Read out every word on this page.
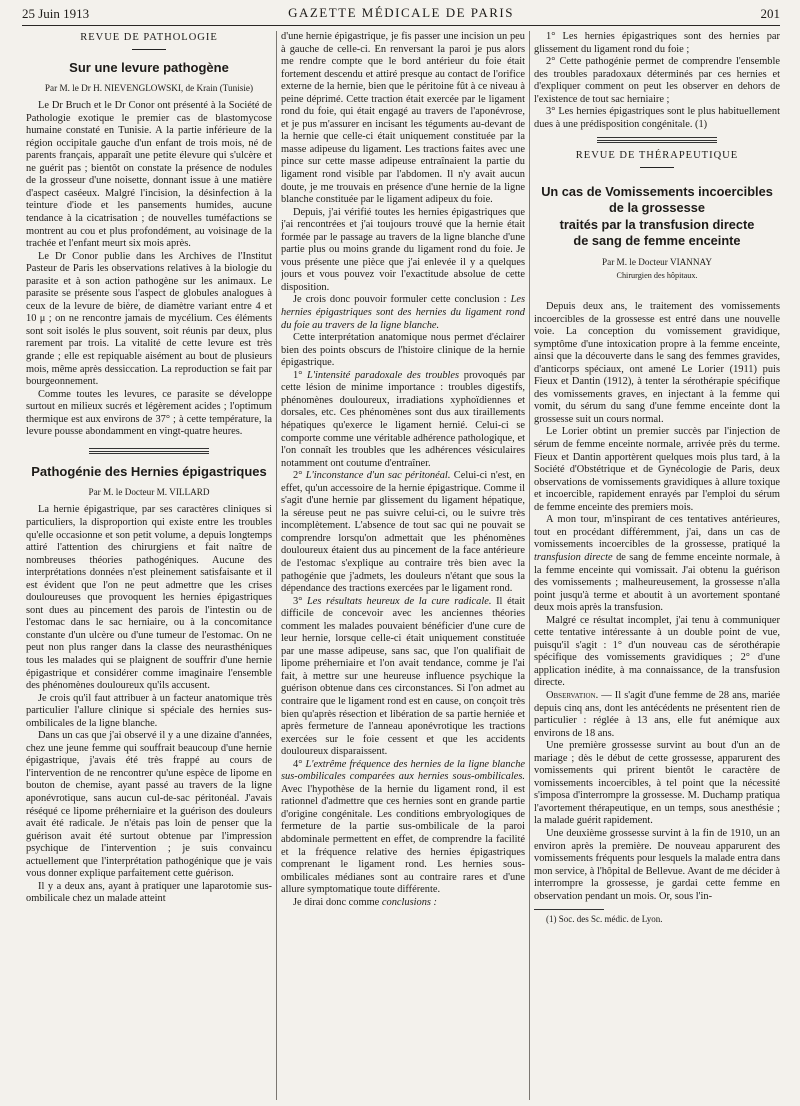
25 Juin 1913	GAZETTE MÉDICALE DE PARIS	201
REVUE DE PATHOLOGIE
Sur une levure pathogène
Par M. le Dr H. NIEVENGLOWSKI, de Krain (Tunisie)

Le Dr Bruch et le Dr Conor ont présenté à la Société de Pathologie exotique le premier cas de blastomycose humaine constaté en Tunisie. A la partie inférieure de la région occipitale gauche d'un enfant de trois mois, né de parents français, apparaît une petite élevure qui s'ulcère et ne guérit pas ; bientôt on constate la présence de nodules de la grosseur d'une noisette, donnant issue à une matière d'aspect caséeux. Malgré l'incision, la désinfection à la teinture d'iode et les pansements humides, aucune tendance à la cicatrisation ; de nouvelles tuméfactions se montrent au cou et plus profondément, au voisinage de la trachée et l'enfant meurt six mois après.

Le Dr Conor publie dans les Archives de l'Institut Pasteur de Paris les observations relatives à la biologie du parasite et à son action pathogène sur les animaux. Le parasite se présente sous l'aspect de globules analogues à ceux de la levure de bière, de diamètre variant entre 4 et 10 μ ; on ne rencontre jamais de mycélium. Ces éléments sont soit isolés le plus souvent, soit réunis par deux, plus rarement par trois. La vitalité de cette levure est très grande ; elle est repiquable aisément au bout de plusieurs mois, même après dessiccation. La reproduction se fait par bourgeonnement.

Comme toutes les levures, ce parasite se développe surtout en milieux sucrés et légèrement acides ; l'optimum thermique est aux environs de 37° ; à cette température, la levure pousse abondamment en vingt-quatre heures.

Pathogénie des Hernies épigastriques
Par M. le Docteur M. VILLARD

La hernie épigastrique, par ses caractères cliniques si particuliers, la disproportion qui existe entre les troubles qu'elle occasionne et son petit volume, a depuis longtemps attiré l'attention des chirurgiens et fait naître de nombreuses théories pathogéniques. Aucune des interprétations données n'est pleinement satisfaisante et il est évident que l'on ne peut admettre que les crises douloureuses que provoquent les hernies épigastriques sont dues au pincement des parois de l'intestin ou de l'estomac dans le sac herniaire, ou à la concomitance constante d'un ulcère ou d'une tumeur de l'estomac. On ne peut non plus ranger dans la classe des neurasthéniques tous les malades qui se plaignent de souffrir d'une hernie épigastrique et considérer comme imaginaire l'ensemble des phénomènes douloureux qu'ils accusent.

Je crois qu'il faut attribuer à un facteur anatomique très particulier l'allure clinique si spéciale des hernies sus-ombilicales de la ligne blanche.

Dans un cas que j'ai observé il y a une dizaine d'années, chez une jeune femme qui souffrait beaucoup d'une hernie épigastrique, j'avais été très frappé au cours de l'intervention de ne rencontrer qu'une espèce de lipome en bouton de chemise, ayant passé au travers de la ligne aponévrotique, sans aucun cul-de-sac péritonéal. J'avais réséqué ce lipome préherniaire et la guérison des douleurs avait été radicale. Je n'étais pas loin de penser que la guérison avait été surtout obtenue par l'impression psychique de l'intervention ; je suis convaincu actuellement que l'interprétation pathogénique que je vais vous donner explique parfaitement cette guérison.

Il y a deux ans, ayant à pratiquer une laparotomie sus-ombilicale chez un malade atteint

d'une hernie épigastrique, je fis passer une incision un peu à gauche de celle-ci. En renversant la paroi je pus alors me rendre compte que le bord antérieur du foie était fortement descendu et attiré presque au contact de l'orifice externe de la hernie, bien que le péritoine fût à ce niveau à peine déprimé. Cette traction était exercée par le ligament rond du foie, qui était engagé au travers de l'aponévrose, et je pus m'assurer en incisant les téguments au-devant de la hernie que celle-ci était uniquement constituée par la masse adipeuse du ligament. Les tractions faites avec une pince sur cette masse adipeuse entraînaient la partie du ligament rond visible par l'abdomen. Il n'y avait aucun doute, je me trouvais en présence d'une hernie de la ligne blanche constituée par le ligament adipeux du foie.

Depuis, j'ai vérifié toutes les hernies épigastriques que j'ai rencontrées et j'ai toujours trouvé que la hernie était formée par le passage au travers de la ligne blanche d'une partie plus ou moins grande du ligament rond du foie. Je vous présente une pièce que j'ai enlevée il y a quelques jours et vous pouvez voir l'exactitude absolue de cette disposition.

Je crois donc pouvoir formuler cette conclusion : Les hernies épigastriques sont des hernies du ligament rond du foie au travers de la ligne blanche.

Cette interprétation anatomique nous permet d'éclairer bien des points obscurs de l'histoire clinique de la hernie épigastrique.

1° L'intensité paradoxale des troubles provoqués par cette lésion de minime importance : troubles digestifs, phénomènes douloureux, irradiations xyphoïdiennes et dorsales, etc. Ces phénomènes sont dus aux tiraillements hépatiques qu'exerce le ligament hernié. Celui-ci se comporte comme une véritable adhérence pathologique, et l'on connaît les troubles que les adhérences vésiculaires notamment ont coutume d'entraîner.

2° L'inconstance d'un sac péritonéal. Celui-ci n'est, en effet, qu'un accessoire de la hernie épigastrique. Comme il s'agit d'une hernie par glissement du ligament hépatique, la séreuse peut ne pas suivre celui-ci, ou le suivre très incomplètement. L'absence de tout sac qui ne pouvait se comprendre lorsqu'on admettait que les phénomènes douloureux étaient dus au pincement de la face antérieure de l'estomac s'explique au contraire très bien avec la pathogénie que j'admets, les douleurs n'étant que sous la dépendance des tractions exercées par le ligament rond.

3° Les résultats heureux de la cure radicale. Il était difficile de concevoir avec les anciennes théories comment les malades pouvaient bénéficier d'une cure de leur hernie, lorsque celle-ci était uniquement constituée par une masse adipeuse, sans sac, que l'on qualifiait de lipome préherniaire et l'on avait tendance, comme je l'ai fait, à mettre sur une heureuse influence psychique la guérison obtenue dans ces circonstances. Si l'on admet au contraire que le ligament rond est en cause, on conçoit très bien qu'après résection et libération de sa partie herniée et après fermeture de l'anneau aponévrotique les tractions exercées sur le foie cessent et que les accidents douloureux disparaissent.

4° L'extrême fréquence des hernies de la ligne blanche sus-ombilicales comparées aux hernies sous-ombilicales. Avec l'hypothèse de la hernie du ligament rond, il est rationnel d'admettre que ces hernies sont en grande partie d'origine congénitale. Les conditions embryologiques de fermeture de la partie sus-ombilicale de la paroi abdominale permettent en effet, de comprendre la facilité et la fréquence relative des hernies épigastriques comprenant le ligament rond. Les hernies sous-ombilicales médianes sont au contraire rares et d'une allure symptomatique toute différente.

Je dirai donc comme conclusions :

1° Les hernies épigastriques sont des hernies par glissement du ligament rond du foie ;

2° Cette pathogénie permet de comprendre l'ensemble des troubles paradoxaux déterminés par ces hernies et d'expliquer comment on peut les observer en dehors de l'existence de tout sac herniaire ;

3° Les hernies épigastriques sont le plus habituellement dues à une prédisposition congénitale. (1)

REVUE DE THÉRAPEUTIQUE
Un cas de Vomissements incoercibles
de la grossesse
traités par la transfusion directe
de sang de femme enceinte
Par M. le Docteur VIANNAY
Chirurgien des hôpitaux.

Depuis deux ans, le traitement des vomissements incoercibles de la grossesse est entré dans une nouvelle voie. La conception du vomissement gravidique, symptôme d'une intoxication propre à la femme enceinte, ainsi que la découverte dans le sang des femmes gravides, d'anticorps spéciaux, ont amené Le Lorier (1911) puis Fieux et Dantin (1912), à tenter la sérothérapie spécifique des vomissements graves, en injectant à la femme qui vomit, du sérum du sang d'une femme enceinte dont la grossesse suit un cours normal.

Le Lorier obtint un premier succès par l'injection de sérum de femme enceinte normale, arrivée près du terme. Fieux et Dantin apportèrent quelques mois plus tard, à la Société d'Obstétrique et de Gynécologie de Paris, deux observations de vomissements gravidiques à allure toxique et incoercible, rapidement enrayés par l'emploi du sérum de femme enceinte des premiers mois.

A mon tour, m'inspirant de ces tentatives antérieures, tout en procédant différemment, j'ai, dans un cas de vomissements incoercibles de la grossesse, pratiqué la transfusion directe de sang de femme enceinte normale, à la femme enceinte qui vomissait. J'ai obtenu la guérison des vomissements ; malheureusement, la grossesse n'alla point jusqu'à terme et aboutit à un avortement spontané deux mois après la transfusion.

Malgré ce résultat incomplet, j'ai tenu à communiquer cette tentative intéressante à un double point de vue, puisqu'il s'agit : 1° d'un nouveau cas de sérothérapie spécifique des vomissements gravidiques ; 2° d'une application inédite, à ma connaissance, de la transfusion directe.

Observation. — Il s'agit d'une femme de 28 ans, mariée depuis cinq ans, dont les antécédents ne présentent rien de particulier : réglée à 13 ans, elle fut anémique aux environs de 18 ans.

Une première grossesse survint au bout d'un an de mariage ; dès le début de cette grossesse, apparurent des vomissements qui prirent bientôt le caractère de vomissements incoercibles, à tel point que la nécessité s'imposa d'interrompre la grossesse. M. Duchamp pratiqua l'avortement thérapeutique, en un temps, sous anesthésie ; la malade guérit rapidement.

Une deuxième grossesse survint à la fin de 1910, un an environ après la première. De nouveau apparurent des vomissements fréquents pour lesquels la malade entra dans mon service, à l'hôpital de Bellevue. Avant de me décider à interrompre la grossesse, je gardai cette femme en observation pendant un mois. Or, sous l'in-

(1) Soc. des Sc. médic. de Lyon.
